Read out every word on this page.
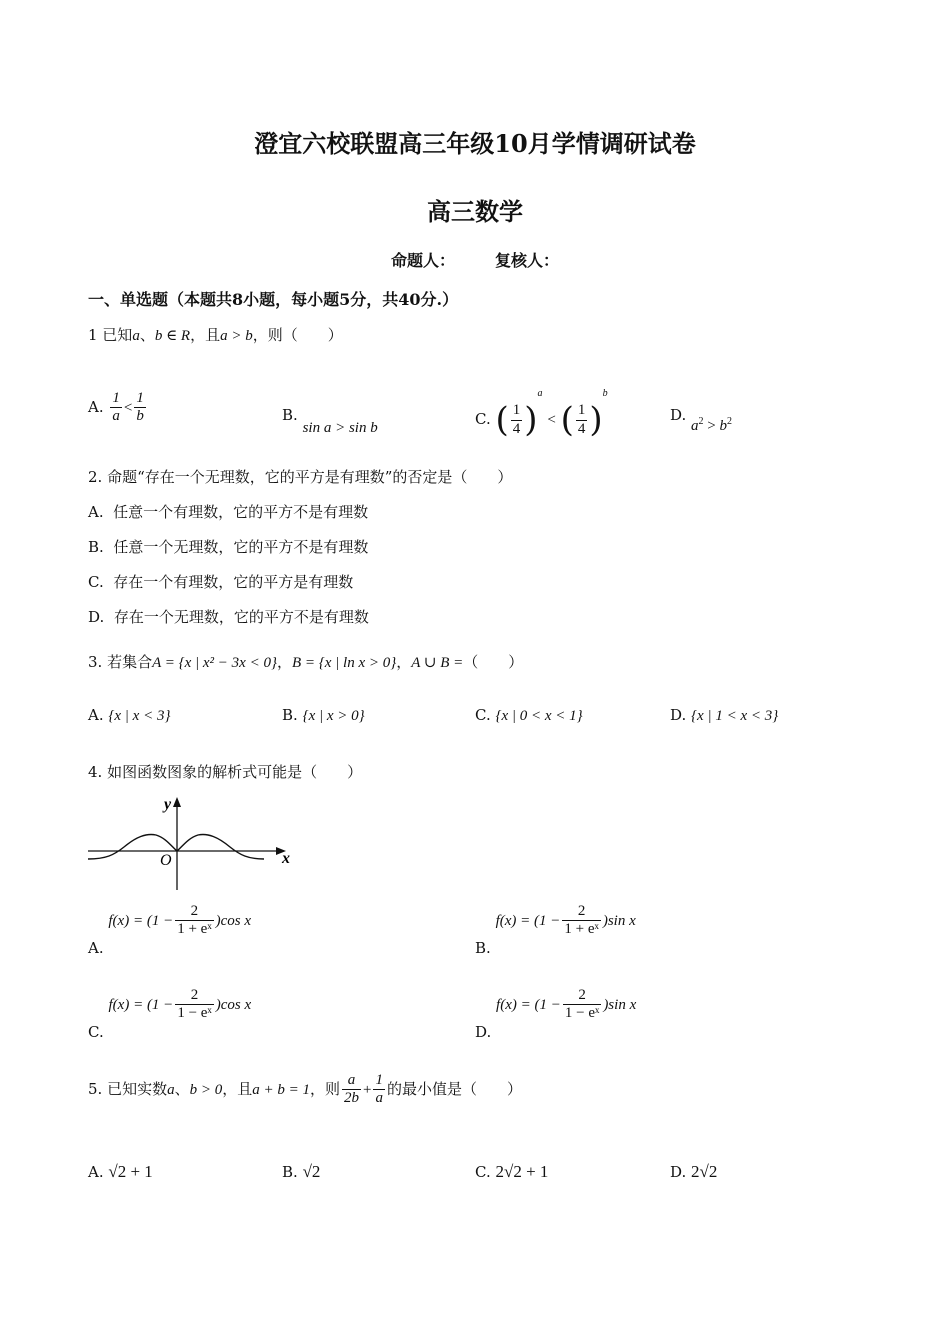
澄宜六校联盟高三年级10月学情调研试卷
高三数学
命题人：　　　复核人：
一、单选题（本题共8小题，每小题5分，共40分.）
1 已知a、b ∈ R，且a > b，则（　　）
A. $\frac{1}{a} < \frac{1}{b}$	B. sin a > sin b	C. ( $\frac{1}{4} )^a$ < ( $\frac{1}{4} )^b$
D. $a^2 > b^2$
2. 命题“存在一个无理数，它的平方是有理数”的否定是（　　）
A. 任意一个有理数，它的平方不是有理数
B. 任意一个无理数，它的平方不是有理数
C. 存在一个有理数，它的平方是有理数
D. 存在一个无理数，它的平方不是有理数
3. 若集合A = {x | x² − 3x < 0}，B = {x | ln x > 0}，A ∪ B =（　　）
A. {x | x < 3}	B. {x | x > 0}	C. {x | 0 < x < 1}	D. {x | 1 < x < 3}
4. 如图函数图象的解析式可能是（　　）
x
y
O
A. $f(x) = (1 - \frac{2}{\text{1 + eˣ}} )\cos$ x
B. $f(x) = (1 - \frac{2}{\text{1 + eˣ}} )\sin$ x
C. $f(x) = (1 - \frac{2}{\text{1 − eˣ}} )\cos$ x
D. $f(x) = (1 - \frac{2}{\text{1 − eˣ}} )\sin$ x
5. 已知实数a、b > 0，且a + b = 1，则 $\frac{a}{2b} + \frac{1}{a}$ 的最小值是（　　）
A. √2 + 1	B. √2	C. 2√2 + 1	D. 2√2
